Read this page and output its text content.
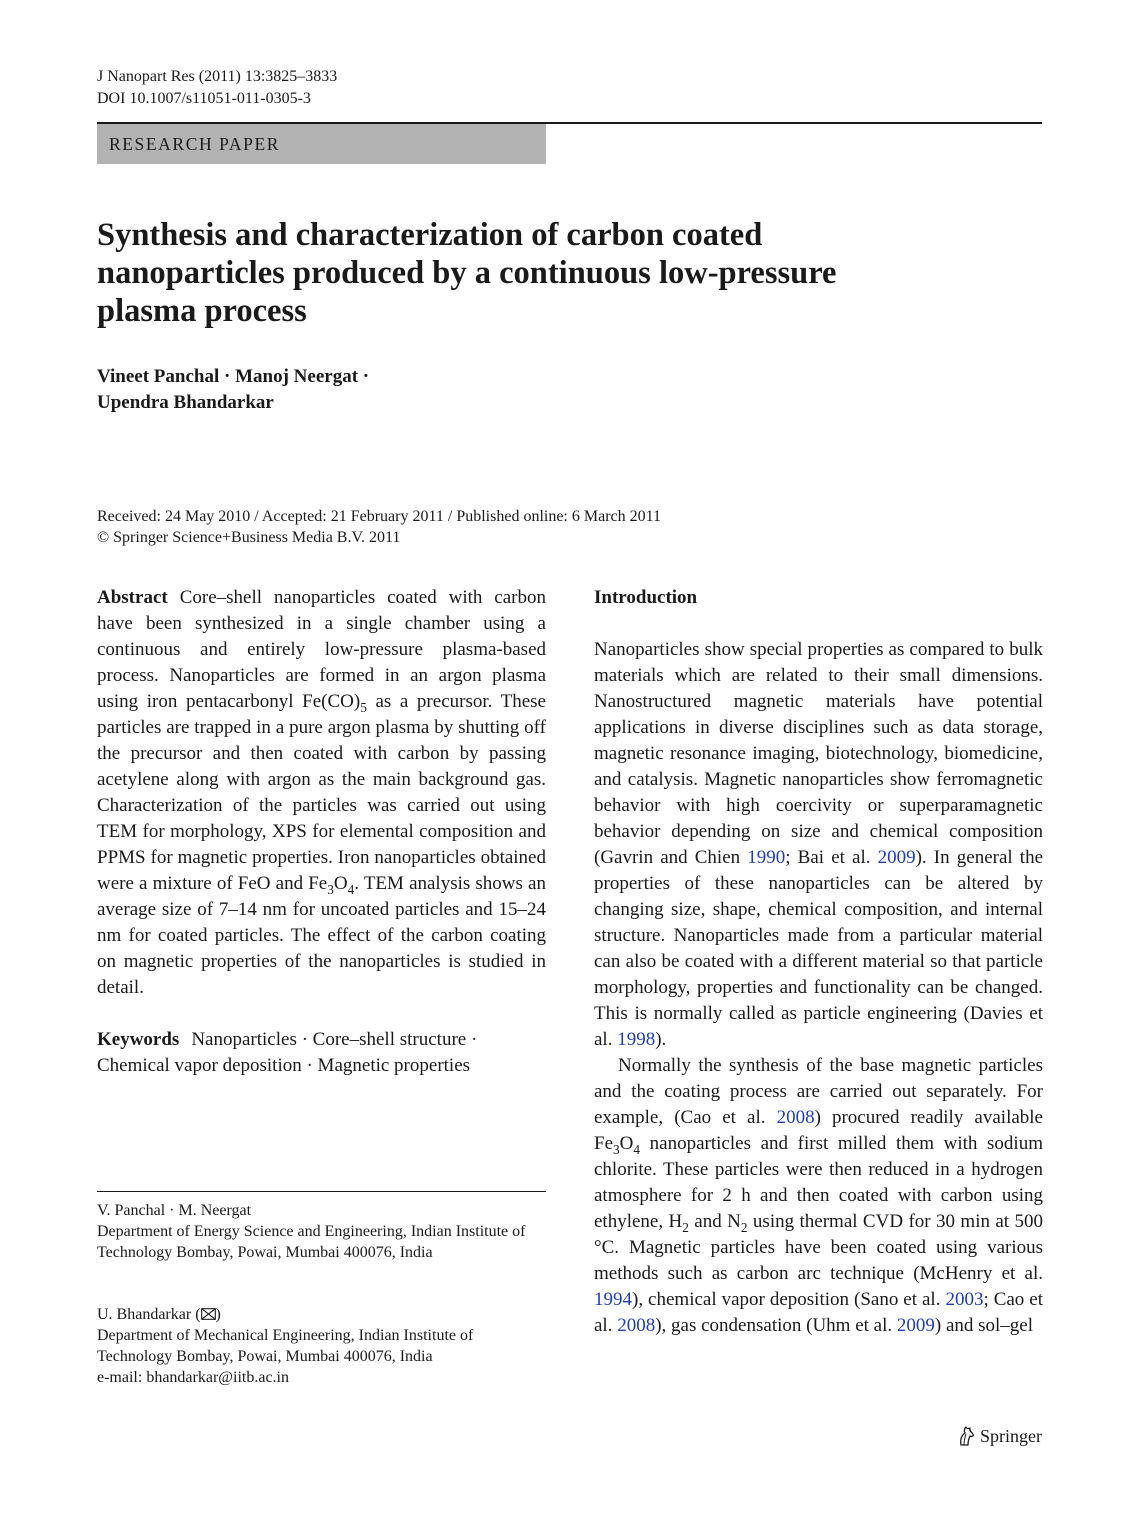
J Nanopart Res (2011) 13:3825–3833
DOI 10.1007/s11051-011-0305-3
RESEARCH PAPER
Synthesis and characterization of carbon coated nanoparticles produced by a continuous low-pressure plasma process
Vineet Panchal · Manoj Neergat ·
Upendra Bhandarkar
Received: 24 May 2010 / Accepted: 21 February 2011 / Published online: 6 March 2011
© Springer Science+Business Media B.V. 2011

Abstract Core–shell nanoparticles coated with carbon have been synthesized in a single chamber using a continuous and entirely low-pressure plasma-based process. Nanoparticles are formed in an argon plasma using iron pentacarbonyl $Fe(CO)_5$ as a precursor. These particles are trapped in a pure argon plasma by shutting off the precursor and then coated with carbon by passing acetylene along with argon as the main background gas. Characterization of the particles was carried out using TEM for morphology, XPS for elemental composition and PPMS for magnetic properties. Iron nanoparticles obtained were a mixture of FeO and $Fe_3O_4$. TEM analysis shows an average size of 7–14 nm for uncoated particles and 15–24 nm for coated particles. The effect of the carbon coating on magnetic properties of the nanoparticles is studied in detail.

Keywords Nanoparticles · Core–shell structure · Chemical vapor deposition · Magnetic properties

V. Panchal · M. Neergat

Department of Energy Science and Engineering, Indian Institute of Technology Bombay, Powai, Mumbai 400076, India

U. Bhandarkar ( )

Department of Mechanical Engineering, Indian Institute of Technology Bombay, Powai, Mumbai 400076, India

e-mail: bhandarkar@iitb.ac.in

Introduction

Nanoparticles show special properties as compared to bulk materials which are related to their small dimensions. Nanostructured magnetic materials have potential applications in diverse disciplines such as data storage, magnetic resonance imaging, biotechnology, biomedicine, and catalysis. Magnetic nanoparticles show ferromagnetic behavior with high coercivity or superparamagnetic behavior depending on size and chemical composition (Gavrin and Chien 1990; Bai et al. 2009). In general the properties of these nanoparticles can be altered by changing size, shape, chemical composition, and internal structure. Nanoparticles made from a particular material can also be coated with a different material so that particle morphology, properties and functionality can be changed. This is normally called as particle engineering (Davies et al. 1998).

Normally the synthesis of the base magnetic particles and the coating process are carried out separately. For example, (Cao et al. 2008) procured readily available $Fe_3O_4$ nanoparticles and first milled them with sodium chlorite. These particles were then reduced in a hydrogen atmosphere for 2 h and then coated with carbon using ethylene, $H_2$ and $N_2$ using thermal CVD for 30 min at 500 °C. Magnetic particles have been coated using various methods such as carbon arc technique (McHenry et al. 1994), chemical vapor deposition (Sano et al. 2003; Cao et al. 2008), gas condensation (Uhm et al. 2009) and sol–gel

Springer
